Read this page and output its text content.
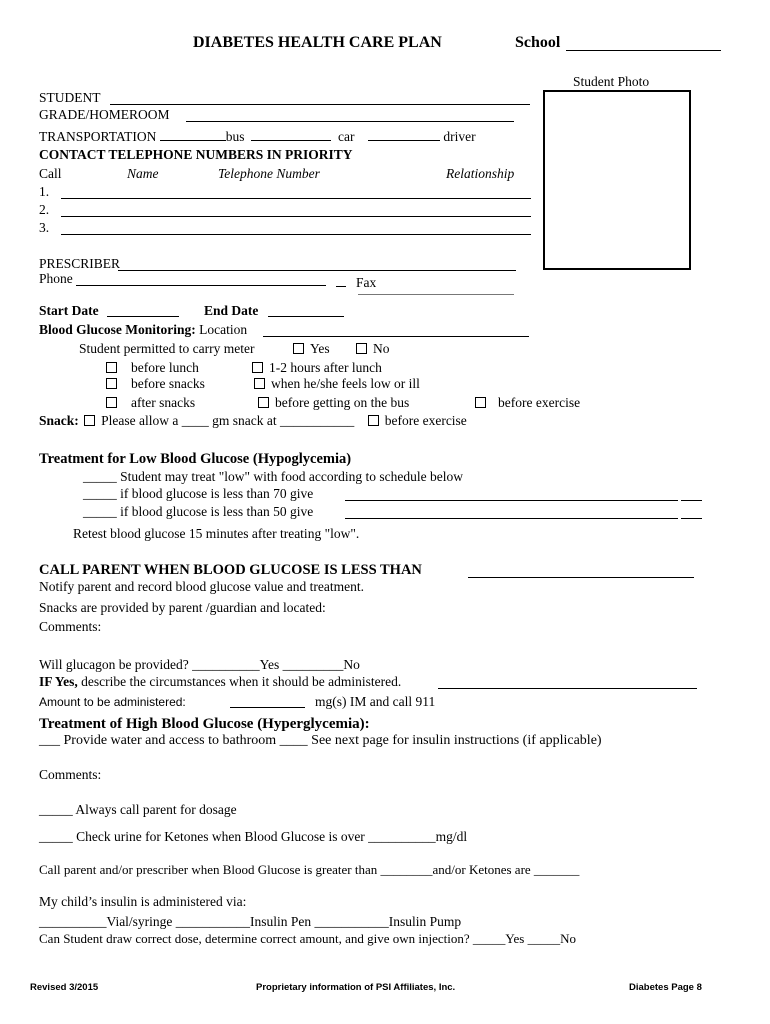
DIABETES HEALTH CARE PLAN	School
Student Photo
STUDENT
GRADE/HOMEROOM
TRANSPORTATION	bus	car	driver
CONTACT TELEPHONE NUMBERS IN PRIORITY
Call	Name	Telephone Number	Relationship
1.
2.
3.
PRESCRIBER
Phone	Fax
Start Date	End Date
Blood Glucose Monitoring: Location
Student permitted to carry meter	Yes	No
before lunch	1-2 hours after lunch
before snacks	when he/she feels low or ill
after snacks	before getting on the bus	before exercise
Snack: Please allow a ____ gm snack at ___________ before exercise
Treatment for Low Blood Glucose (Hypoglycemia)
_____ Student may treat "low" with food according to schedule below
_____ if blood glucose is less than 70 give
_____ if blood glucose is less than 50 give
Retest blood glucose 15 minutes after treating "low".
CALL PARENT WHEN BLOOD GLUCOSE IS LESS THAN
Notify parent and record blood glucose value and treatment.
Snacks are provided by parent /guardian and located:
Comments:
Will glucagon be provided? __________Yes _________No
IF Yes, describe the circumstances when it should be administered.
Amount to be administered:	mg(s) IM and call 911
Treatment of High Blood Glucose (Hyperglycemia):
___ Provide water and access to bathroom ____ See next page for insulin instructions (if applicable)
Comments:
_____ Always call parent for dosage
_____ Check urine for Ketones when Blood Glucose is over __________mg/dl
Call parent and/or prescriber when Blood Glucose is greater than ________and/or Ketones are _______
My child’s insulin is administered via:
__________Vial/syringe ___________Insulin Pen ___________Insulin Pump
Can Student draw correct dose, determine correct amount, and give own injection? _____Yes _____No
Revised 3/2015	Proprietary information of PSI Affiliates, Inc.	Diabetes Page 8
